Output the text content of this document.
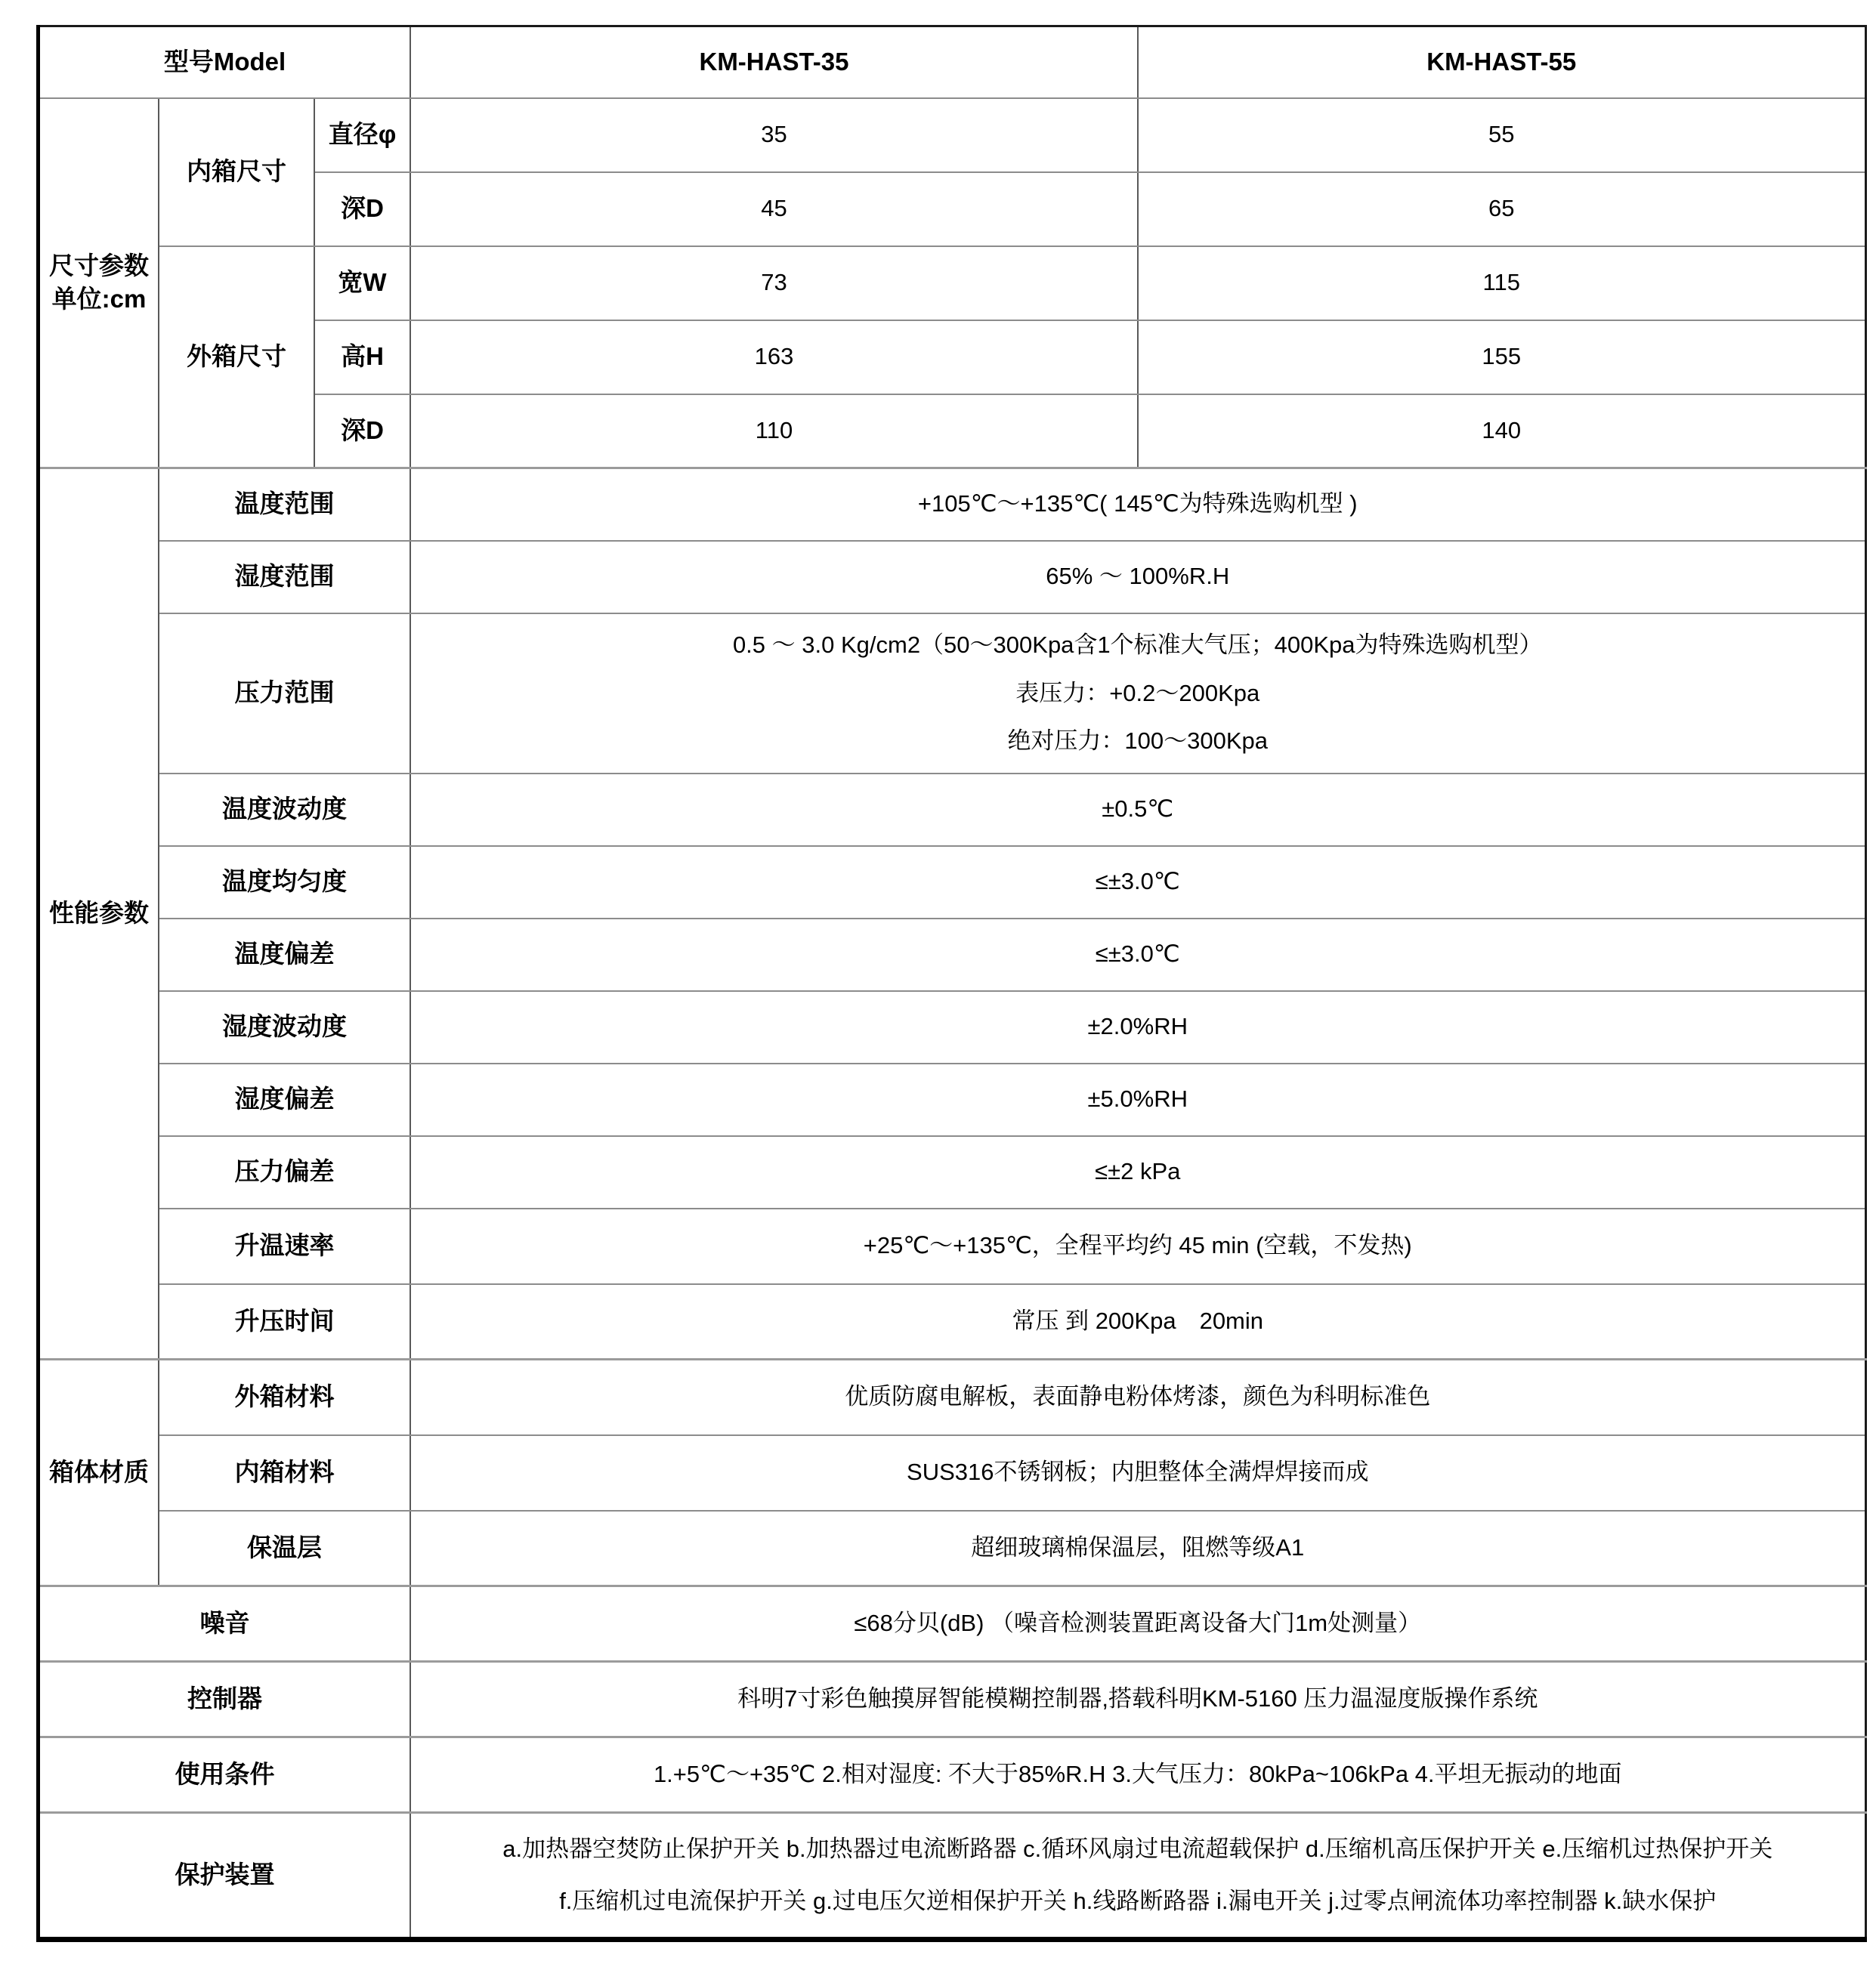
型号Model			KM-HAST-35	KM-HAST-55

尺寸参数
单位:cm	内箱尺寸	直径φ	35	55
		深D	45	65
	外箱尺寸	宽W	73	115
		高H	163	155
		深D	110	140
性能参数	温度范围		+105℃～+135℃( 145℃为特殊选购机型 )	
	湿度范围		65% ～ 100%R.H	
	压力范围		0.5 ～ 3.0 Kg/cm2（50～300Kpa含1个标准大气压；400Kpa为特殊选购机型）
表压力：+0.2～200Kpa
绝对压力：100～300Kpa	

	温度波动度		±0.5℃	
	温度均匀度		≤±3.0℃	
	温度偏差		≤±3.0℃	
	湿度波动度		±2.0%RH	
	湿度偏差		±5.0%RH	
	压力偏差		≤±2 kPa	
	升温速率		+25℃～+135℃，全程平均约 45 min (空载，不发热)	
	升压时间		常压 到 200Kpa　20min	
箱体材质	外箱材料		优质防腐电解板，表面静电粉体烤漆，颜色为科明标准色	
	内箱材料		SUS316不锈钢板；内胆整体全满焊焊接而成	
	保温层		超细玻璃棉保温层，阻燃等级A1	
噪音			≤68分贝(dB) （噪音检测装置距离设备大门1m处测量）	
控制器			科明7寸彩色触摸屏智能模糊控制器,搭载科明KM-5160 压力温湿度版操作系统	
使用条件			1.+5℃～+35℃ 2.相对湿度: 不大于85%R.H 3.大气压力：80kPa~106kPa 4.平坦无振动的地面	
保护装置			a.加热器空焚防止保护开关 b.加热器过电流断路器 c.循环风扇过电流超载保护 d.压缩机高压保护开关 e.压缩机过热保护开关
f.压缩机过电流保护开关 g.过电压欠逆相保护开关 h.线路断路器 i.漏电开关 j.过零点闸流体功率控制器 k.缺水保护	
